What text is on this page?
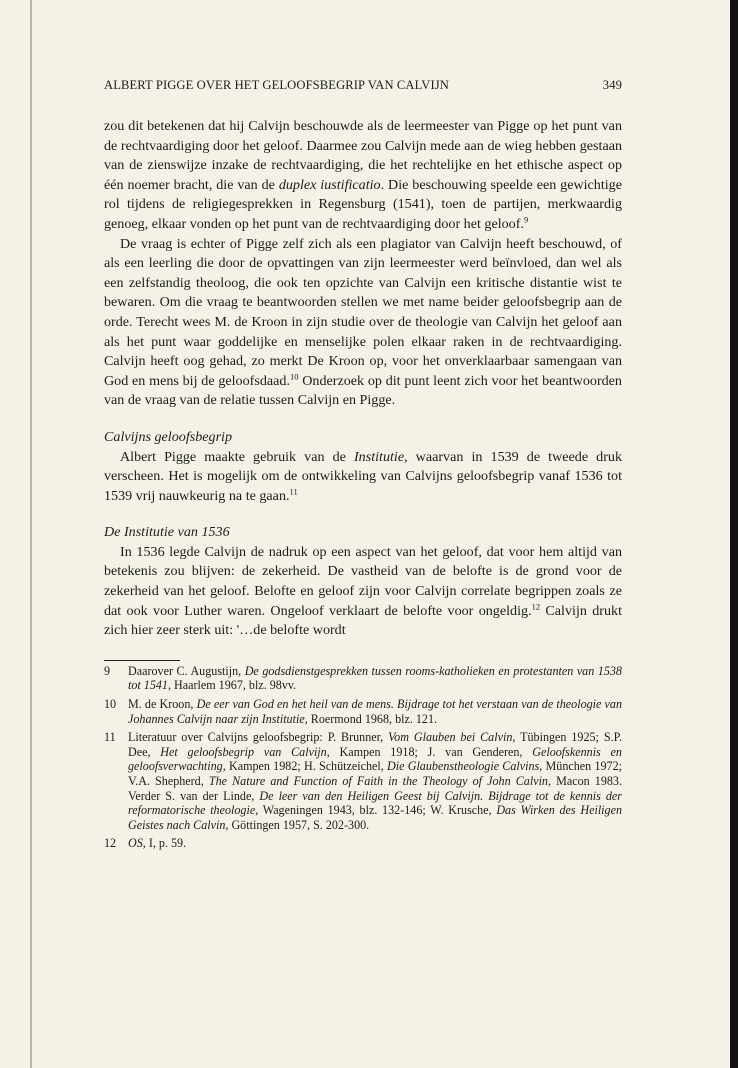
ALBERT PIGGE OVER HET GELOOFSBEGRIP VAN CALVIJN	349

zou dit betekenen dat hij Calvijn beschouwde als de leermeester van Pigge op het punt van de rechtvaardiging door het geloof. Daarmee zou Calvijn mede aan de wieg hebben gestaan van de zienswijze inzake de rechtvaardiging, die het rechtelijke en het ethische aspect op één noemer bracht, die van de duplex iustificatio. Die beschouwing speelde een gewichtige rol tijdens de religiegesprekken in Regensburg (1541), toen de partijen, merkwaardig genoeg, elkaar vonden op het punt van de rechtvaardiging door het geloof.$^9$

De vraag is echter of Pigge zelf zich als een plagiator van Calvijn heeft beschouwd, of als een leerling die door de opvattingen van zijn leermeester werd beïnvloed, dan wel als een zelfstandig theoloog, die ook ten opzichte van Calvijn een kritische distantie wist te bewaren. Om die vraag te beantwoorden stellen we met name beider geloofsbegrip aan de orde. Terecht wees M. de Kroon in zijn studie over de theologie van Calvijn het geloof aan als het punt waar goddelijke en menselijke polen elkaar raken in de rechtvaardiging. Calvijn heeft oog gehad, zo merkt De Kroon op, voor het onverklaarbaar samengaan van God en mens bij de geloofsdaad.$^{10}$ Onderzoek op dit punt leent zich voor het beantwoorden van de vraag van de relatie tussen Calvijn en Pigge.

Calvijns geloofsbegrip

Albert Pigge maakte gebruik van de Institutie, waarvan in 1539 de tweede druk verscheen. Het is mogelijk om de ontwikkeling van Calvijns geloofsbegrip vanaf 1536 tot 1539 vrij nauwkeurig na te gaan.$^{11}$

De Institutie van 1536

In 1536 legde Calvijn de nadruk op een aspect van het geloof, dat voor hem altijd van betekenis zou blijven: de zekerheid. De vastheid van de belofte is de grond voor de zekerheid van het geloof. Belofte en geloof zijn voor Calvijn correlate begrippen zoals ze dat ook voor Luther waren. Ongeloof verklaart de belofte voor ongeldig.$^{12}$ Calvijn drukt zich hier zeer sterk uit: '…de belofte wordt

9	Daarover C. Augustijn, De godsdienstgesprekken tussen rooms-katholieken en protestanten van 1538 tot 1541, Haarlem 1967, blz. 98vv.
10 M. de Kroon, De eer van God en het heil van de mens. Bijdrage tot het verstaan van de theologie van Johannes Calvijn naar zijn Institutie, Roermond 1968, blz. 121.
11	Literatuur over Calvijns geloofsbegrip: P. Brunner, Vom Glauben bei Calvin, Tübingen 1925; S.P. Dee, Het geloofsbegrip van Calvijn, Kampen 1918; J. van Genderen, Geloofskennis en geloofsverwachting, Kampen 1982; H. Schützeichel, Die Glaubenstheologie Calvins, München 1972; V.A. Shepherd, The Nature and Function of Faith in the Theology of John Calvin, Macon 1983. Verder S. van der Linde, De leer van den Heiligen Geest bij Calvijn. Bijdrage tot de kennis der reformatorische theologie, Wageningen 1943, blz. 132-146; W. Krusche, Das Wirken des Heiligen Geistes nach Calvin, Göttingen 1957, S. 202-300.
12 OS, I, p. 59.
